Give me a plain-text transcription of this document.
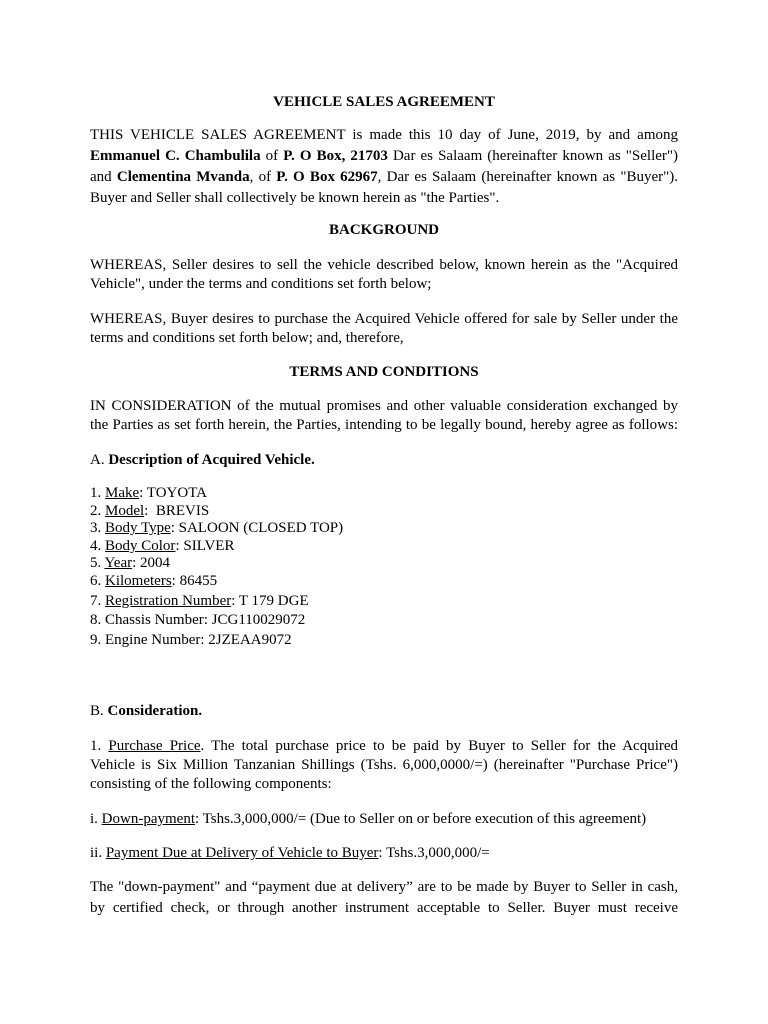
VEHICLE SALES AGREEMENT
THIS VEHICLE SALES AGREEMENT is made this 10 day of June, 2019, by and among
Emmanuel C. Chambulila of P. O Box, 21703 Dar es Salaam (hereinafter known as "Seller")
and Clementina Mvanda, of P. O Box 62967, Dar es Salaam (hereinafter known as "Buyer").
Buyer and Seller shall collectively be known herein as "the Parties".
BACKGROUND
WHEREAS, Seller desires to sell the vehicle described below, known herein as the "Acquired
Vehicle", under the terms and conditions set forth below;
WHEREAS, Buyer desires to purchase the Acquired Vehicle offered for sale by Seller under the
terms and conditions set forth below; and, therefore,
TERMS AND CONDITIONS
IN CONSIDERATION of the mutual promises and other valuable consideration exchanged by
the Parties as set forth herein, the Parties, intending to be legally bound, hereby agree as follows:
A. Description of Acquired Vehicle.
1. Make: TOYOTA
2. Model:  BREVIS
3. Body Type: SALOON (CLOSED TOP)
4. Body Color: SILVER
5. Year: 2004
6. Kilometers: 86455
7. Registration Number: T 179 DGE
8. Chassis Number: JCG110029072
9. Engine Number: 2JZEAA9072
B. Consideration.
1. Purchase Price. The total purchase price to be paid by Buyer to Seller for the Acquired
Vehicle is Six Million Tanzanian Shillings (Tshs. 6,000,0000/=) (hereinafter "Purchase Price")
consisting of the following components:
i. Down-payment: Tshs.3,000,000/= (Due to Seller on or before execution of this agreement)
ii. Payment Due at Delivery of Vehicle to Buyer: Tshs.3,000,000/=
The "down-payment" and “payment due at delivery” are to be made by Buyer to Seller in cash,
by certified check, or through another instrument acceptable to Seller. Buyer must receive
